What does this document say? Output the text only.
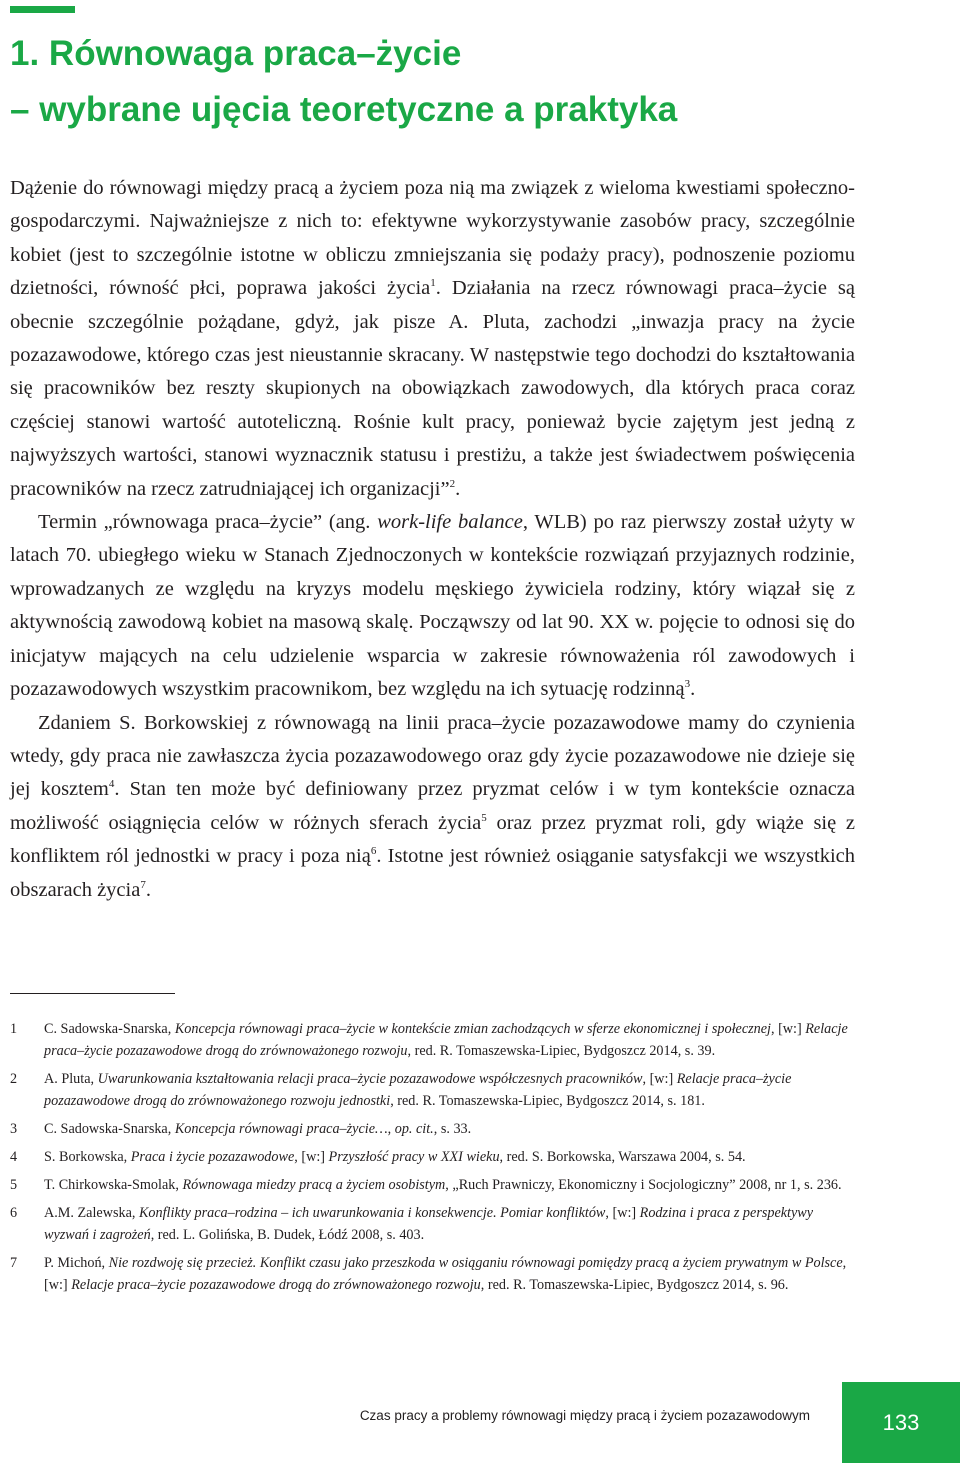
1. Równowaga praca–życie
– wybrane ujęcia teoretyczne a praktyka

Dążenie do równowagi między pracą a życiem poza nią ma związek z wieloma kwestiami społeczno-gospodarczymi. Najważniejsze z nich to: efektywne wykorzystywanie zasobów pracy, szczególnie kobiet (jest to szczególnie istotne w obliczu zmniejszania się podaży pracy), podnoszenie poziomu dzietności, równość płci, poprawa jakości życia$^1$. Działania na rzecz równowagi praca–życie są obecnie szczególnie pożądane, gdyż, jak pisze A. Pluta, zachodzi „inwazja pracy na życie pozazawodowe, którego czas jest nieustannie skracany. W następstwie tego dochodzi do kształtowania się pracowników bez reszty skupionych na obowiązkach zawodowych, dla których praca coraz częściej stanowi wartość autoteliczną. Rośnie kult pracy, ponieważ bycie zajętym jest jedną z najwyższych wartości, stanowi wyznacznik statusu i prestiżu, a także jest świadectwem poświęcenia pracowników na rzecz zatrudniającej ich organizacji”$^2$.

Termin „równowaga praca–życie” (ang. work-life balance, WLB) po raz pierwszy został użyty w latach 70. ubiegłego wieku w Stanach Zjednoczonych w kontekście rozwiązań przyjaznych rodzinie, wprowadzanych ze względu na kryzys modelu męskiego żywiciela rodziny, który wiązał się z aktywnością zawodową kobiet na masową skalę. Począwszy od lat 90. XX w. pojęcie to odnosi się do inicjatyw mających na celu udzielenie wsparcia w zakresie równoważenia ról zawodowych i pozazawodowych wszystkim pracownikom, bez względu na ich sytuację rodzinną$^3$.

Zdaniem S. Borkowskiej z równowagą na linii praca–życie pozazawodowe mamy do czynienia wtedy, gdy praca nie zawłaszcza życia pozazawodowego oraz gdy życie pozazawodowe nie dzieje się jej kosztem$^4$. Stan ten może być definiowany przez pryzmat celów i w tym kontekście oznacza możliwość osiągnięcia celów w różnych sferach życia$^5$ oraz przez pryzmat roli, gdy wiąże się z konfliktem ról jednostki w pracy i poza nią$^6$. Istotne jest również osiąganie satysfakcji we wszystkich obszarach życia$^7$.

1 C. Sadowska-Snarska, Koncepcja równowagi praca–życie w kontekście zmian zachodzących w sferze ekonomicznej i społecznej, [w:] Relacje praca–życie pozazawodowe drogą do zrównoważonego rozwoju, red. R. Tomaszewska-Lipiec, Bydgoszcz 2014, s. 39.
2 A. Pluta, Uwarunkowania kształtowania relacji praca–życie pozazawodowe współczesnych pracowników, [w:] Relacje praca–życie pozazawodowe drogą do zrównoważonego rozwoju jednostki, red. R. Tomaszewska-Lipiec, Bydgoszcz 2014, s. 181.
3 C. Sadowska-Snarska, Koncepcja równowagi praca–życie…, op. cit., s. 33.
4 S. Borkowska, Praca i życie pozazawodowe, [w:] Przyszłość pracy w XXI wieku, red. S. Borkowska, Warszawa 2004, s. 54.
5 T. Chirkowska-Smolak, Równowaga miedzy pracą a życiem osobistym, „Ruch Prawniczy, Ekonomiczny i Socjologiczny” 2008, nr 1, s. 236.
6 A.M. Zalewska, Konflikty praca–rodzina – ich uwarunkowania i konsekwencje. Pomiar konfliktów, [w:] Rodzina i praca z perspektywy wyzwań i zagrożeń, red. L. Golińska, B. Dudek, Łódź 2008, s. 403.
7 P. Michoń, Nie rozdwoję się przecież. Konflikt czasu jako przeszkoda w osiąganiu równowagi pomiędzy pracą a życiem prywatnym w Polsce, [w:] Relacje praca–życie pozazawodowe drogą do zrównoważonego rozwoju, red. R. Tomaszewska-Lipiec, Bydgoszcz 2014, s. 96.
Czas pracy a problemy równowagi między pracą i życiem pozazawodowym	133
